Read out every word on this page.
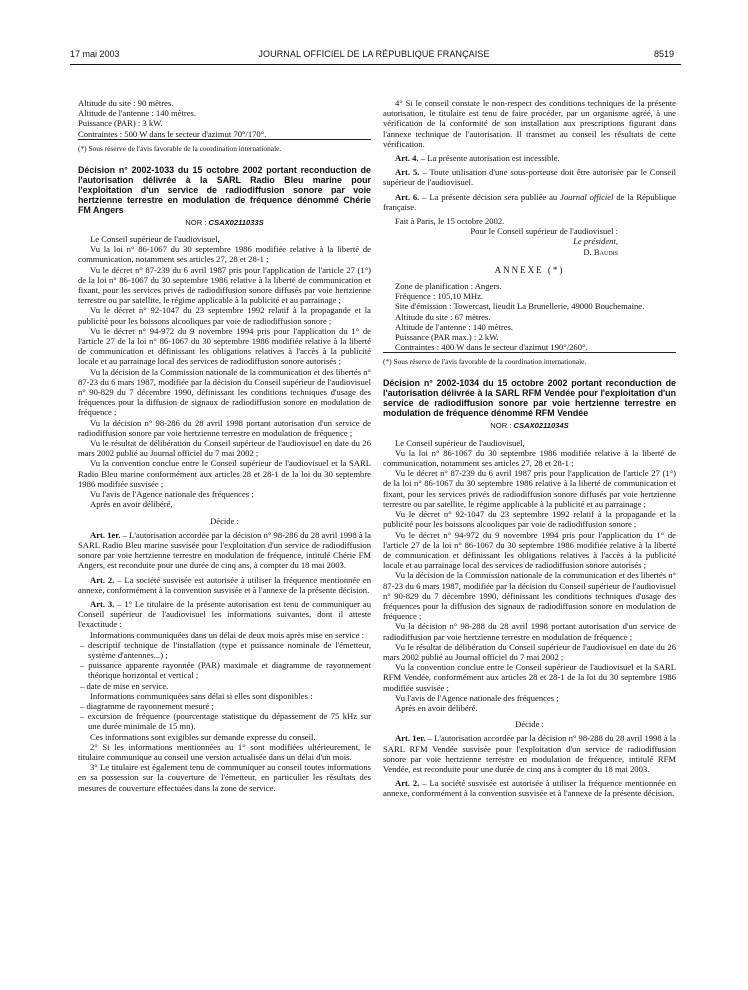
17 mai 2003	JOURNAL OFFICIEL DE LA RÉPUBLIQUE FRANÇAISE	8519

Altitude du site : 90 mètres.

Altitude de l'antenne : 140 mètres.

Puissance (PAR) : 3 kW.

Contraintes : 500 W dans le secteur d'azimut 70°/170°.

(*) Sous réserve de l'avis favorable de la coordination internationale.

Décision n° 2002-1033 du 15 octobre 2002 portant reconduction de l'autorisation délivrée à la SARL Radio Bleu marine pour l'exploitation d'un service de radiodiffusion sonore par voie hertzienne terrestre en modulation de fréquence dénommé Chérie FM Angers
NOR : CSAX0211033S

Le Conseil supérieur de l'audiovisuel,

Vu la loi n° 86-1067 du 30 septembre 1986 modifiée relative à la liberté de communication, notamment ses articles 27, 28 et 28-1 ;

Vu le décret n° 87-239 du 6 avril 1987 pris pour l'application de l'article 27 (1°) de la loi n° 86-1067 du 30 septembre 1986 relative à la liberté de communication et fixant, pour les services privés de radiodiffusion sonore diffusés par voie hertzienne terrestre ou par satellite, le régime applicable à la publicité et au parrainage ;

Vu le décret n° 92-1047 du 23 septembre 1992 relatif à la propagande et la publicité pour les boissons alcooliques par voie de radiodiffusion sonore ;

Vu le décret n° 94-972 du 9 novembre 1994 pris pour l'application du 1° de l'article 27 de la loi n° 86-1067 du 30 septembre 1986 modifiée relative à la liberté de communication et définissant les obligations relatives à l'accès à la publicité locale et au parrainage local des services de radiodiffusion sonore autorisés ;

Vu la décision de la Commission nationale de la communication et des libertés n° 87-23 du 6 mars 1987, modifiée par la décision du Conseil supérieur de l'audiovisuel n° 90-829 du 7 décembre 1990, définissant les conditions techniques d'usage des fréquences pour la diffusion de signaux de radiodiffusion sonore en modulation de fréquence ;

Vu la décision n° 98-286 du 28 avril 1998 portant autorisation d'un service de radiodiffusion sonore par voie hertzienne terrestre en modulation de fréquence ;

Vu le résultat de délibération du Conseil supérieur de l'audiovisuel en date du 26 mars 2002 publié au Journal officiel du 7 mai 2002 ;

Vu la convention conclue entre le Conseil supérieur de l'audiovisuel et la SARL Radio Bleu marine conformément aux articles 28 et 28-1 de la loi du 30 septembre 1986 modifiée susvisée ;

Vu l'avis de l'Agence nationale des fréquences ;

Après en avoir délibéré,

Décide :

Art. 1er. – L'autorisation accordée par la décision n° 98-286 du 28 avril 1998 à la SARL Radio Bleu marine susvisée pour l'exploitation d'un service de radiodiffusion sonore par voie hertzienne terrestre en modulation de fréquence, intitulé Chérie FM Angers, est reconduite pour une durée de cinq ans, à compter du 18 mai 2003.

Art. 2. – La société susvisée est autorisée à utiliser la fréquence mentionnée en annexe, conformément à la convention susvisée et à l'annexe de la présente décision.

Art. 3. – 1° Le titulaire de la présente autorisation est tenu de communiquer au Conseil supérieur de l'audiovisuel les informations suivantes, dont il atteste l'exactitude :

Informations communiquées dans un délai de deux mois après mise en service :

– descriptif technique de l'installation (type et puissance nominale de l'émetteur, système d'antennes...) ;
– puissance apparente rayonnée (PAR) maximale et diagramme de rayonnement théorique horizontal et vertical ;
– date de mise en service.

Informations communiquées sans délai si elles sont disponibles :

– diagramme de rayonnement mesuré ;
– excursion de fréquence (pourcentage statistique du dépassement de 75 kHz sur une durée minimale de 15 mn).

Ces informations sont exigibles sur demande expresse du conseil.

2° Si les informations mentionnées au 1° sont modifiées ultérieurement, le titulaire communique au conseil une version actualisée dans un délai d'un mois.

3° Le titulaire est également tenu de communiquer au conseil toutes informations en sa possession sur la couverture de l'émetteur, en particulier les résultats des mesures de couverture effectuées dans la zone de service.

4° Si le conseil constate le non-respect des conditions techniques de la présente autorisation, le titulaire est tenu de faire procéder, par un organisme agréé, à une vérification de la conformité de son installation aux prescriptions figurant dans l'annexe technique de l'autorisation. Il transmet au conseil les résultats de cette vérification.

Art. 4. – La présente autorisation est incessible.

Art. 5. – Toute utilisation d'une sous-porteuse doit être autorisée par le Conseil supérieur de l'audiovisuel.

Art. 6. – La présente décision sera publiée au Journal officiel de la République française.

Fait à Paris, le 15 octobre 2002.

Pour le Conseil supérieur de l'audiovisuel :

Le président,

D. Baudis

ANNEXE (*)

Zone de planification : Angers.

Fréquence : 105,10 MHz.

Site d'émission : Towercast, lieudit La Brunellerie, 49000 Bouchemaine.

Altitude du site : 67 mètres.

Altitude de l'antenne : 140 mètres.

Puissance (PAR max.) : 2 kW.

Contraintes : 400 W dans le secteur d'azimut 190°/260°.

(*) Sous réserve de l'avis favorable de la coordination internationale.

Décision n° 2002-1034 du 15 octobre 2002 portant reconduction de l'autorisation délivrée à la SARL RFM Vendée pour l'exploitation d'un service de radiodiffusion sonore par voie hertzienne terrestre en modulation de fréquence dénommé RFM Vendée
NOR : CSAX0211034S

Le Conseil supérieur de l'audiovisuel,

Vu la loi n° 86-1067 du 30 septembre 1986 modifiée relative à la liberté de communication, notamment ses articles 27, 28 et 28-1 ;

Vu le décret n° 87-239 du 6 avril 1987 pris pour l'application de l'article 27 (1°) de la loi n° 86-1067 du 30 septembre 1986 relative à la liberté de communication et fixant, pour les services privés de radiodiffusion sonore diffusés par voie hertzienne terrestre ou par satellite, le régime applicable à la publicité et au parrainage ;

Vu le décret n° 92-1047 du 23 septembre 1992 relatif à la propagande et la publicité pour les boissons alcooliques par voie de radiodiffusion sonore ;

Vu le décret n° 94-972 du 9 novembre 1994 pris pour l'application du 1° de l'article 27 de la loi n° 86-1067 du 30 septembre 1986 modifiée relative à la liberté de communication et définissant les obligations relatives à l'accès à la publicité locale et au parrainage local des services de radiodiffusion sonore autorisés ;

Vu la décision de la Commission nationale de la communication et des libertés n° 87-23 du 6 mars 1987, modifiée par la décision du Conseil supérieur de l'audiovisuel n° 90-829 du 7 décembre 1990, définissant les conditions techniques d'usage des fréquences pour la diffusion des signaux de radiodiffusion sonore en modulation de fréquence ;

Vu la décision n° 98-288 du 28 avril 1998 portant autorisation d'un service de radiodiffusion par voie hertzienne terrestre en modulation de fréquence ;

Vu le résultat de délibération du Conseil supérieur de l'audiovisuel en date du 26 mars 2002 publié au Journal officiel du 7 mai 2002 ;

Vu la convention conclue entre le Conseil supérieur de l'audiovisuel et la SARL RFM Vendée, conformément aux articles 28 et 28-1 de la loi du 30 septembre 1986 modifiée susvisée ;

Vu l'avis de l'Agence nationale des fréquences ;

Après en avoir délibéré.

Décide :

Art. 1er. – L'autorisation accordée par la décision n° 98-288 du 28 avril 1998 à la SARL RFM Vendée susvisée pour l'exploitation d'un service de radiodiffusion sonore par voie hertzienne terrestre en modulation de fréquence, intitulé RFM Vendée, est reconduite pour une durée de cinq ans à compter du 18 mai 2003.

Art. 2. – La société susvisée est autorisée à utiliser la fréquence mentionnée en annexe, conformément à la convention susvisée et à l'annexe de la présente décision.
